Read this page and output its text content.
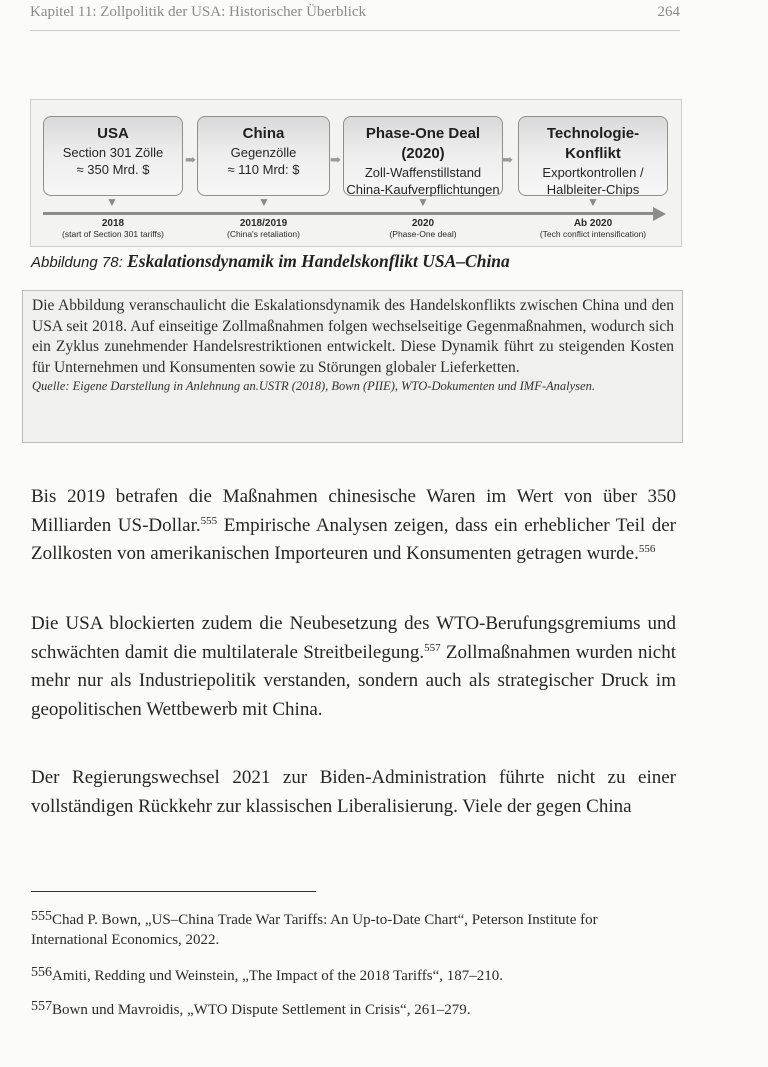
Kapitel 11: Zollpolitik der USA: Historischer Überblick	264
USA
Section 301 Zölle
≈ 350 Mrd. $
➡
China
Gegenzölle
≈ 110 Mrd: $
➡
Phase-One Deal (2020)
Zoll-Waffenstillstand
China-Kaufverpflichtungen
➡
Technologie-Konflikt
Exportkontrollen /
Halbleiter-Chips
▼	▼	▼	▼
2018
(start of Section 301 tariffs)
2018/2019
(China's retaliation)
2020
(Phase-One deal)
Ab 2020
(Tech conflict intensification)
Abbildung 78: Eskalationsdynamik im Handelskonflikt USA–China
Die Abbildung veranschaulicht die Eskalationsdynamik des Handelskonflikts zwischen China und den USA seit 2018. Auf einseitige Zollmaßnahmen folgen wechselseitige Gegenmaßnahmen, wodurch sich ein Zyklus zunehmender Handelsrestriktionen entwickelt. Diese Dynamik führt zu steigenden Kosten für Unternehmen und Konsumenten sowie zu Störungen globaler Lieferketten.
Quelle: Eigene Darstellung in Anlehnung an.USTR (2018), Bown (PIIE), WTO-Dokumenten und IMF-Analysen.
Bis 2019 betrafen die Maßnahmen chinesische Waren im Wert von über 350 Milliarden US-Dollar.$^{555}$ Empirische Analysen zeigen, dass ein erheblicher Teil der Zollkosten von amerikanischen Importeuren und Konsumenten getragen wurde.$^{556}$
Die USA blockierten zudem die Neubesetzung des WTO-Berufungsgremiums und schwächten damit die multilaterale Streitbeilegung.$^{557}$ Zollmaßnahmen wurden nicht mehr nur als Industriepolitik verstanden, sondern auch als strategischer Druck im geopolitischen Wettbewerb mit China.
Der Regierungswechsel 2021 zur Biden-Administration führte nicht zu einer vollständigen Rückkehr zur klassischen Liberalisierung. Viele der gegen China
$^{555}$Chad P. Bown, „US–China Trade War Tariffs: An Up-to-Date Chart“, Peterson Institute for International Economics, 2022.
$^{556}$Amiti, Redding und Weinstein, „The Impact of the 2018 Tariffs“, 187–210.
$^{557}$Bown und Mavroidis, „WTO Dispute Settlement in Crisis“, 261–279.
